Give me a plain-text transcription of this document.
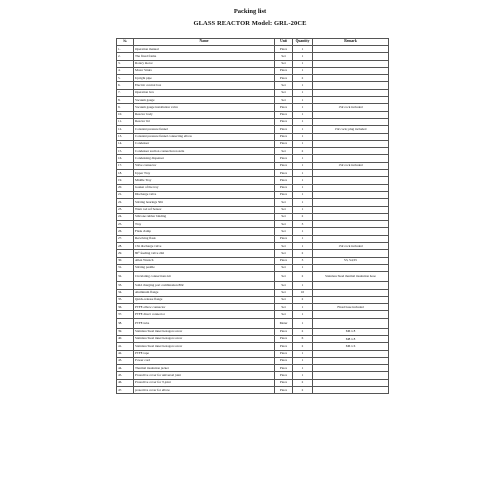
Packing list
GLASS REACTOR Model: GRL-20CE
№	Name	Unit	Quantity	Remark
1.	Operation manual	Piece	1	
2.	The fixed frame	Set	1	
3.	Rotary motor	Set	1	
4.	Motor Struts	Piece	1	
5.	Upright pipe	Piece	2	
6.	Electric control box	Set	1	
7.	Operation box	Set	1	
8.	Vacuum gauge	Set	1	
9.	Vacuum gauge installation valve	Piece	1	15# cock included
10.	Reactor body	Piece	1	
11.	Reactor lid	Piece	1	
12.	Constant pressure funnel	Piece	1	15# cock; plug included
13.	Constant pressure funnel connecting elbow	Piece	1	
14.	Condenser	Piece	1	
15.	Condenser suction connection nozzle	Set	2	
16.	Condensing dispenser	Piece	1	
17.	Valve connector	Piece	1	15# cock included
18.	Upper Tray	Piece	1	
19.	Middle Tray	Piece	1	
20.	Gasket of the tray	Piece	1	
21.	Discharge valve	Piece	1	
22.	Stirring bearings 50#	Set	1	
23.	Warn rod ref Sensor	Set	1	
24.	Silicone rubber binding	Set	2	
25.	Tray	Set	3	
26.	Flask clamp	Set	1	
27.	Receiving flask	Piece	1	
28.	15# discharge valve	Set	1	15# cock included
29.	80° feeding valve 24#	Set	2	
30.	Allen Wrench	Piece	3	S3, S4,S5
31.	Stirring paddle	Set	1	
32.	Circulating connections kit	Set	2	Stainless Steel thermal insulation hose
33.	Solid charging port combination 80#	Set	1	
34.	Aluminum flange	Set	10	
35.	Quick-release flange	Set	2	
36.	PTFE elbow connector	Set	1	Fixed base included
37.	PTFE direct connector	Set	1	
38.	PTFE tube	Meter	1	
39.	Stainless Steel inner hexagon screw	Piece	2	M6 x 8
40.	Stainless Steel inner hexagon screw	Piece	6	M8 x 8
41.	Stainless Steel inner hexagon screw	Piece	2	M6 x 6
42.	PTFE tape	Piece	1	
43.	Power cord	Piece	1	
44.	Thermal insulation jacket	Piece	1	
45.	Protective cover for universal joint	Piece	1	
46.	Protective cover for T-joint	Piece	2	
47.	protective cover for elbow	Piece	2	
